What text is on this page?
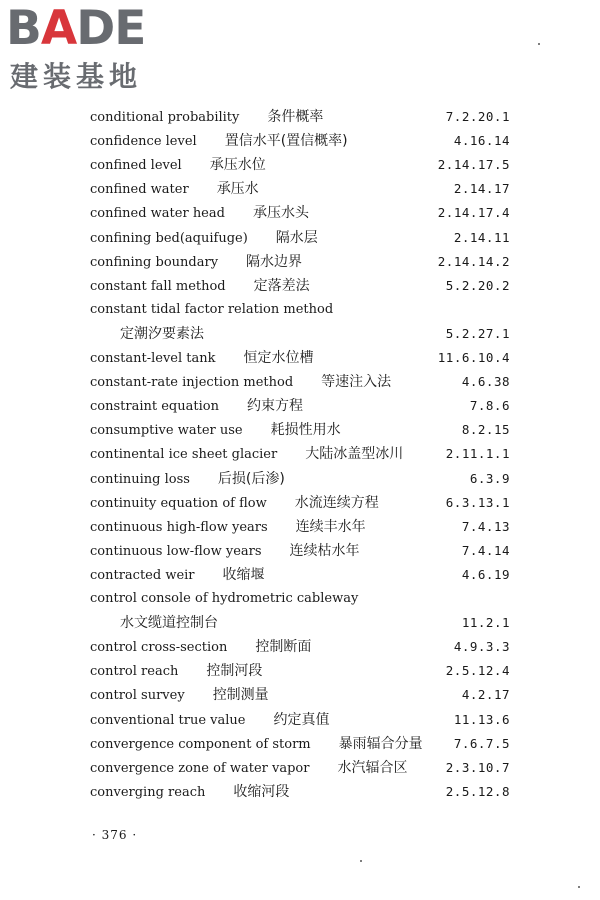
BADE
建装基地
conditional probability 条件概率	7.2.20.1
confidence level 置信水平(置信概率)	4.16.14
confined level 承压水位	2.14.17.5
confined water 承压水	2.14.17
confined water head 承压水头	2.14.17.4
confining bed(aquifuge) 隔水层	2.14.11
confining boundary 隔水边界	2.14.14.2
constant fall method 定落差法	5.2.20.2
constant tidal factor relation method
定潮汐要素法	5.2.27.1
constant-level tank 恒定水位槽	11.6.10.4
constant-rate injection method 等速注入法	4.6.38
constraint equation 约束方程	7.8.6
consumptive water use 耗损性用水	8.2.15
continental ice sheet glacier 大陆冰盖型冰川	2.11.1.1
continuing loss 后损(后渗)	6.3.9
continuity equation of flow 水流连续方程	6.3.13.1
continuous high-flow years 连续丰水年	7.4.13
continuous low-flow years 连续枯水年	7.4.14
contracted weir 收缩堰	4.6.19
control console of hydrometric cableway
水文缆道控制台	11.2.1
control cross-section 控制断面	4.9.3.3
control reach 控制河段	2.5.12.4
control survey 控制测量	4.2.17
conventional true value 约定真值	11.13.6
convergence component of storm 暴雨辐合分量 7.6.7.5
convergence zone of water vapor 水汽辐合区	2.3.10.7
converging reach 收缩河段	2.5.12.8
· 376 ·
